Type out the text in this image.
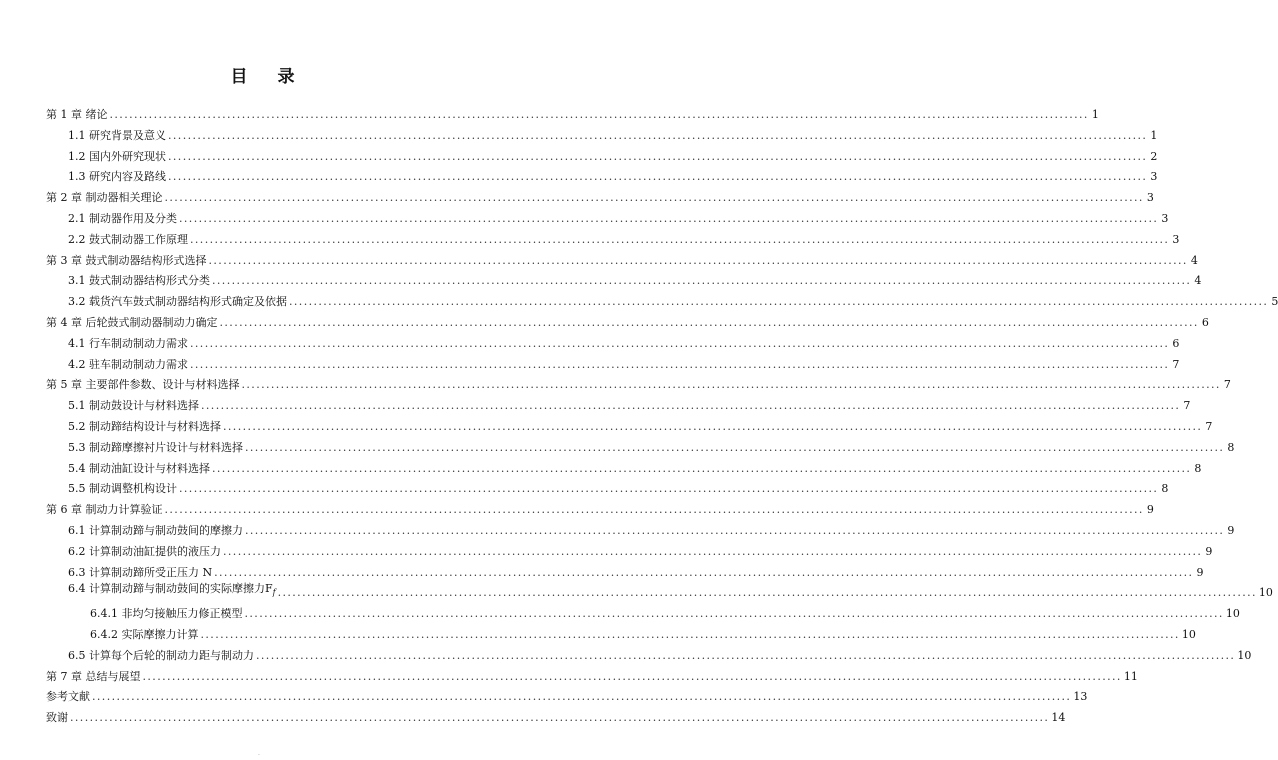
目 录
第 1 章 绪论 ........................................................................................................................................................................................................ 1
1.1 研究背景及意义 ........................................................................................................................................................................................................ 1
1.2 国内外研究现状 ........................................................................................................................................................................................................ 2
1.3 研究内容及路线 ........................................................................................................................................................................................................ 3
第 2 章 制动器相关理论 ........................................................................................................................................................................................................ 3
2.1 制动器作用及分类 ........................................................................................................................................................................................................ 3
2.2 鼓式制动器工作原理 ........................................................................................................................................................................................................ 3
第 3 章 鼓式制动器结构形式选择 ........................................................................................................................................................................................................ 4
3.1 鼓式制动器结构形式分类 ........................................................................................................................................................................................................ 4
3.2 载货汽车鼓式制动器结构形式确定及依据 ........................................................................................................................................................................................................ 5
第 4 章 后轮鼓式制动器制动力确定 ........................................................................................................................................................................................................ 6
4.1 行车制动制动力需求 ........................................................................................................................................................................................................ 6
4.2 驻车制动制动力需求 ........................................................................................................................................................................................................ 7
第 5 章 主要部件参数、设计与材料选择 ........................................................................................................................................................................................................ 7
5.1 制动鼓设计与材料选择 ........................................................................................................................................................................................................ 7
5.2 制动蹄结构设计与材料选择 ........................................................................................................................................................................................................ 7
5.3 制动蹄摩擦衬片设计与材料选择 ........................................................................................................................................................................................................ 8
5.4 制动油缸设计与材料选择 ........................................................................................................................................................................................................ 8
5.5 制动调整机构设计 ........................................................................................................................................................................................................ 8
第 6 章 制动力计算验证 ........................................................................................................................................................................................................ 9
6.1 计算制动蹄与制动鼓间的摩擦力 ........................................................................................................................................................................................................ 9
6.2 计算制动油缸提供的液压力 ........................................................................................................................................................................................................ 9
6.3 计算制动蹄所受正压力 N ........................................................................................................................................................................................................ 9
6.4 计算制动蹄与制动鼓间的实际摩擦力$F_f$ ........................................................................................................................................................................................................ 10
6.4.1 非均匀接触压力修正模型 ........................................................................................................................................................................................................ 10
6.4.2 实际摩擦力计算 ........................................................................................................................................................................................................ 10
6.5 计算每个后轮的制动力距与制动力 ........................................................................................................................................................................................................ 10
第 7 章 总结与展望 ........................................................................................................................................................................................................ 11
参考文献 ........................................................................................................................................................................................................ 13
致谢 ........................................................................................................................................................................................................ 14
·
